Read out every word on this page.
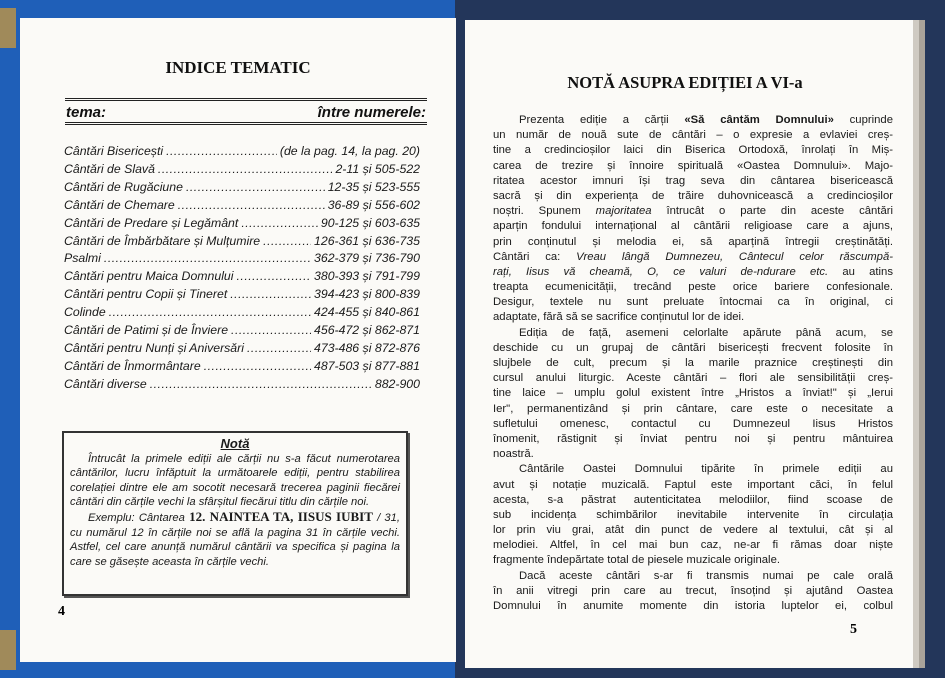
INDICE TEMATIC
tema:	între numerele:
Cântări Bisericești .....	(de la pag. 14, la pag. 20)
Cântări de Slavă .....	2-11 și 505-522
Cântări de Rugăciune .....	12-35 și 523-555
Cântări de Chemare .....	36-89 și 556-602
Cântări de Predare și Legământ .....	90-125 și 603-635
Cântări de Îmbărbătare și Mulțumire .....	126-361 și 636-735
Psalmi .....	362-379 și 736-790
Cântări pentru Maica Domnului .....	380-393 și 791-799
Cântări pentru Copii și Tineret .....	394-423 și 800-839
Colinde .....	424-455 și 840-861
Cântări de Patimi și de Înviere .....	456-472 și 862-871
Cântări pentru Nunți și Aniversări .....	473-486 și 872-876
Cântări de Înmormântare .....	487-503 și 877-881
Cântări diverse .....	882-900
Notă

Întrucât la primele ediții ale cărții nu s-a făcut numerotarea cântărilor, lucru înfăptuit la următoarele ediții, pentru stabilirea corelației dintre ele am socotit necesară trecerea paginii fiecărei cântări din cărțile vechi la sfârșitul fiecărui titlu din cărțile noi.

Exemplu: Cântarea 12. NAINTEA TA, IISUS IUBIT / 31, cu numărul 12 în cărțile noi se află la pagina 31 în cărțile vechi. Astfel, cel care anunță numărul cântării va specifica și pagina la care se găsește aceasta în cărțile vechi.

4
NOTĂ ASUPRA EDIȚIEI A VI-a
Prezenta ediție a cărții «Să cântăm Domnului» cuprinde
un număr de nouă sute de cântări – o expresie a evlaviei creș-
tine a credincioșilor laici din Biserica Ortodoxă, înrolați în Miș-
carea de trezire și înnoire spirituală «Oastea Domnului». Majo-
ritatea acestor imnuri își trag seva din cântarea bisericească
sacră și din experiența de trăire duhovnicească a credincioșilor
noștri. Spunem majoritatea întrucât o parte din aceste cântări
aparțin fondului internațional al cântării religioase care a ajuns,
prin conținutul și melodia ei, să aparțină întregii creștinătăți.
Cântări ca: Vreau lângă Dumnezeu, Cântecul celor răscumpă-
rați, Iisus vă cheamă, O, ce valuri de-ndurare etc. au atins
treapta ecumenicității, trecând peste orice bariere confesionale.
Desigur, textele nu sunt preluate întocmai ca în original, ci
adaptate, fără să se sacrifice conținutul lor de idei.
Ediția de față, asemeni celorlalte apărute până acum, se
deschide cu un grupaj de cântări bisericești frecvent folosite în
slujbele de cult, precum și la marile praznice creștinești din
cursul anului liturgic. Aceste cântări – flori ale sensibilității creș-
tine laice – umplu golul existent între „Hristos a înviat!" și „Ierui
Ier", permanentizând și prin cântare, care este o necesitate a
sufletului omenesc, contactul cu Dumnezeul Iisus Hristos
înomenit, răstignit și înviat pentru noi și pentru mântuirea
noastră.
Cântările Oastei Domnului tipărite în primele ediții au
avut și notație muzicală. Faptul este important căci, în felul
acesta, s-a păstrat autenticitatea melodiilor, fiind scoase de
sub incidența schimbărilor inevitabile intervenite în circulația
lor prin viu grai, atât din punct de vedere al textului, cât și al
melodiei. Altfel, în cel mai bun caz, ne-ar fi rămas doar niște
fragmente îndepărtate total de piesele muzicale originale.
Dacă aceste cântări s-ar fi transmis numai pe cale orală
în anii vitregi prin care au trecut, însoțind și ajutând Oastea
Domnului în anumite momente din istoria luptelor ei, colbul
5
